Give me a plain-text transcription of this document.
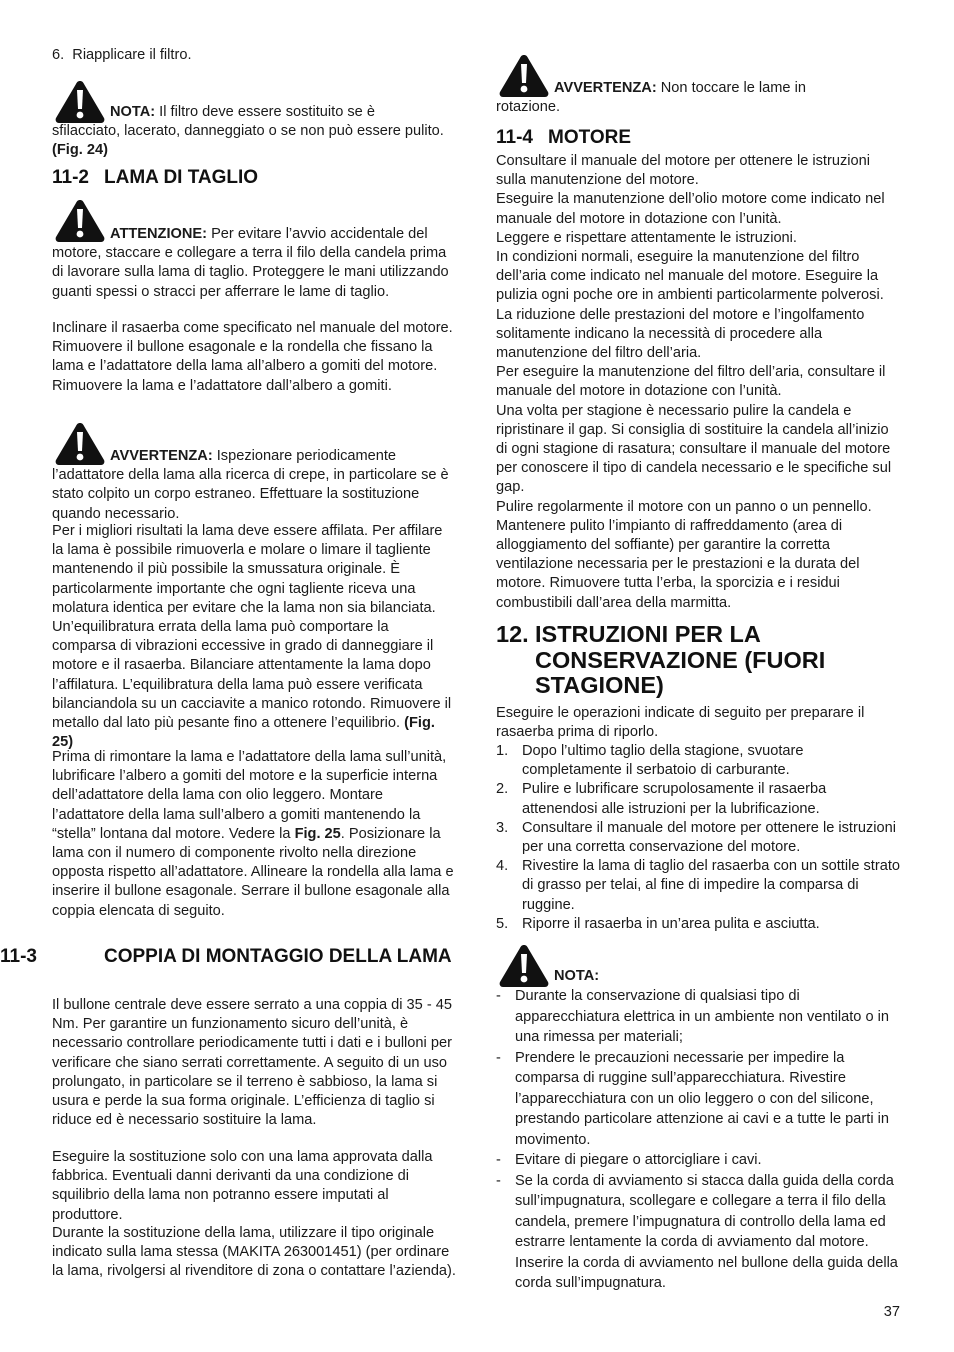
6.  Riapplicare il filtro.

NOTA: Il filtro deve essere sostituito se è
sfilacciato, lacerato, danneggiato o se non può essere pulito. (Fig. 24)

11-2 LAMA DI TAGLIO

ATTENZIONE: Per evitare l’avvio accidentale del
motore, staccare e collegare a terra il filo della candela prima di lavorare sulla lama di taglio. Proteggere le mani utilizzando guanti spessi o stracci per afferrare le lame di taglio.

Inclinare il rasaerba come specificato nel manuale del motore. Rimuovere il bullone esagonale e la rondella che fissano la lama e l’adattatore della lama all’albero a gomiti del motore. Rimuovere la lama e l’adattatore dall’albero a gomiti.

AVVERTENZA: Ispezionare periodicamente
l’adattatore della lama alla ricerca di crepe, in particolare se è stato colpito un corpo estraneo. Effettuare la sostituzione quando necessario.

Per i migliori risultati la lama deve essere affilata. Per affilare la lama è possibile rimuoverla e molare o limare il tagliente mantenendo il più possibile la smussatura originale. È particolarmente importante che ogni tagliente riceva una molatura identica per evitare che la lama non sia bilanciata. Un’equilibratura errata della lama può comportare la comparsa di vibrazioni eccessive in grado di danneggiare il motore e il rasaerba. Bilanciare attentamente la lama dopo l’affilatura. L’equilibratura della lama può essere verificata bilanciandola su un cacciavite a manico rotondo. Rimuovere il metallo dal lato più pesante fino a ottenere l’equilibrio. (Fig. 25)

Prima di rimontare la lama e l’adattatore della lama sull’unità, lubrificare l’albero a gomiti del motore e la superficie interna dell’adattatore della lama con olio leggero. Montare l’adattatore della lama sull’albero a gomiti mantenendo la “stella” lontana dal motore. Vedere la Fig. 25. Posizionare la lama con il numero di componente rivolto nella direzione opposta rispetto all’adattatore. Allineare la rondella alla lama e inserire il bullone esagonale. Serrare il bullone esagonale alla coppia elencata di seguito.

11-3	COPPIA DI MONTAGGIO DELLA LAMA

Il bullone centrale deve essere serrato a una coppia di 35 - 45 Nm. Per garantire un funzionamento sicuro dell’unità, è necessario controllare periodicamente tutti i dati e i bulloni per verificare che siano serrati correttamente. A seguito di un uso prolungato, in particolare se il terreno è sabbioso, la lama si usura e perde la sua forma originale. L’efficienza di taglio si riduce ed è necessario sostituire la lama.

Eseguire la sostituzione solo con una lama approvata dalla fabbrica. Eventuali danni derivanti da una condizione di squilibrio della lama non potranno essere imputati al produttore.

Durante la sostituzione della lama, utilizzare il tipo originale indicato sulla lama stessa (MAKITA 263001451) (per ordinare la lama, rivolgersi al rivenditore di zona o contattare l’azienda).

AVVERTENZA: Non toccare le lame in
rotazione.

11-4 MOTORE

Consultare il manuale del motore per ottenere le istruzioni sulla manutenzione del motore.

Eseguire la manutenzione dell’olio motore come indicato nel manuale del motore in dotazione con l’unità.

Leggere e rispettare attentamente le istruzioni.

In condizioni normali, eseguire la manutenzione del filtro dell’aria come indicato nel manuale del motore. Eseguire la pulizia ogni poche ore in ambienti particolarmente polverosi. La riduzione delle prestazioni del motore e l’ingolfamento solitamente indicano la necessità di procedere alla manutenzione del filtro dell’aria.

Per eseguire la manutenzione del filtro dell’aria, consultare il manuale del motore in dotazione con l’unità.

Una volta per stagione è necessario pulire la candela e ripristinare il gap. Si consiglia di sostituire la candela all’inizio di ogni stagione di rasatura; consultare il manuale del motore per conoscere il tipo di candela necessario e le specifiche sul gap.

Pulire regolarmente il motore con un panno o un pennello. Mantenere pulito l’impianto di raffreddamento (area di alloggiamento del soffiante) per garantire la corretta ventilazione necessaria per le prestazioni e la durata del motore. Rimuovere tutta l’erba, la sporcizia e i residui combustibili dall’area della marmitta.

12. ISTRUZIONI PER LA CONSERVAZIONE (FUORI STAGIONE)

Eseguire le operazioni indicate di seguito per preparare il rasaerba prima di riporlo.

1. Dopo l’ultimo taglio della stagione, svuotare completamente il serbatoio di carburante.
2. Pulire e lubrificare scrupolosamente il rasaerba attenendosi alle istruzioni per la lubrificazione.
3. Consultare il manuale del motore per ottenere le istruzioni per una corretta conservazione del motore.
4. Rivestire la lama di taglio del rasaerba con un sottile strato di grasso per telai, al fine di impedire la comparsa di ruggine.
5. Riporre il rasaerba in un’area pulita e asciutta.

NOTA:

- Durante la conservazione di qualsiasi tipo di apparecchiatura elettrica in un ambiente non ventilato o in una rimessa per materiali;
- Prendere le precauzioni necessarie per impedire la comparsa di ruggine sull’apparecchiatura. Rivestire l’apparecchiatura con un olio leggero o con del silicone, prestando particolare attenzione ai cavi e a tutte le parti in movimento.
- Evitare di piegare o attorcigliare i cavi.
- Se la corda di avviamento si stacca dalla guida della corda sull’impugnatura, scollegare e collegare a terra il filo della candela, premere l’impugnatura di controllo della lama ed estrarre lentamente la corda di avviamento dal motore. Inserire la corda di avviamento nel bullone della guida della corda sull’impugnatura.
37
